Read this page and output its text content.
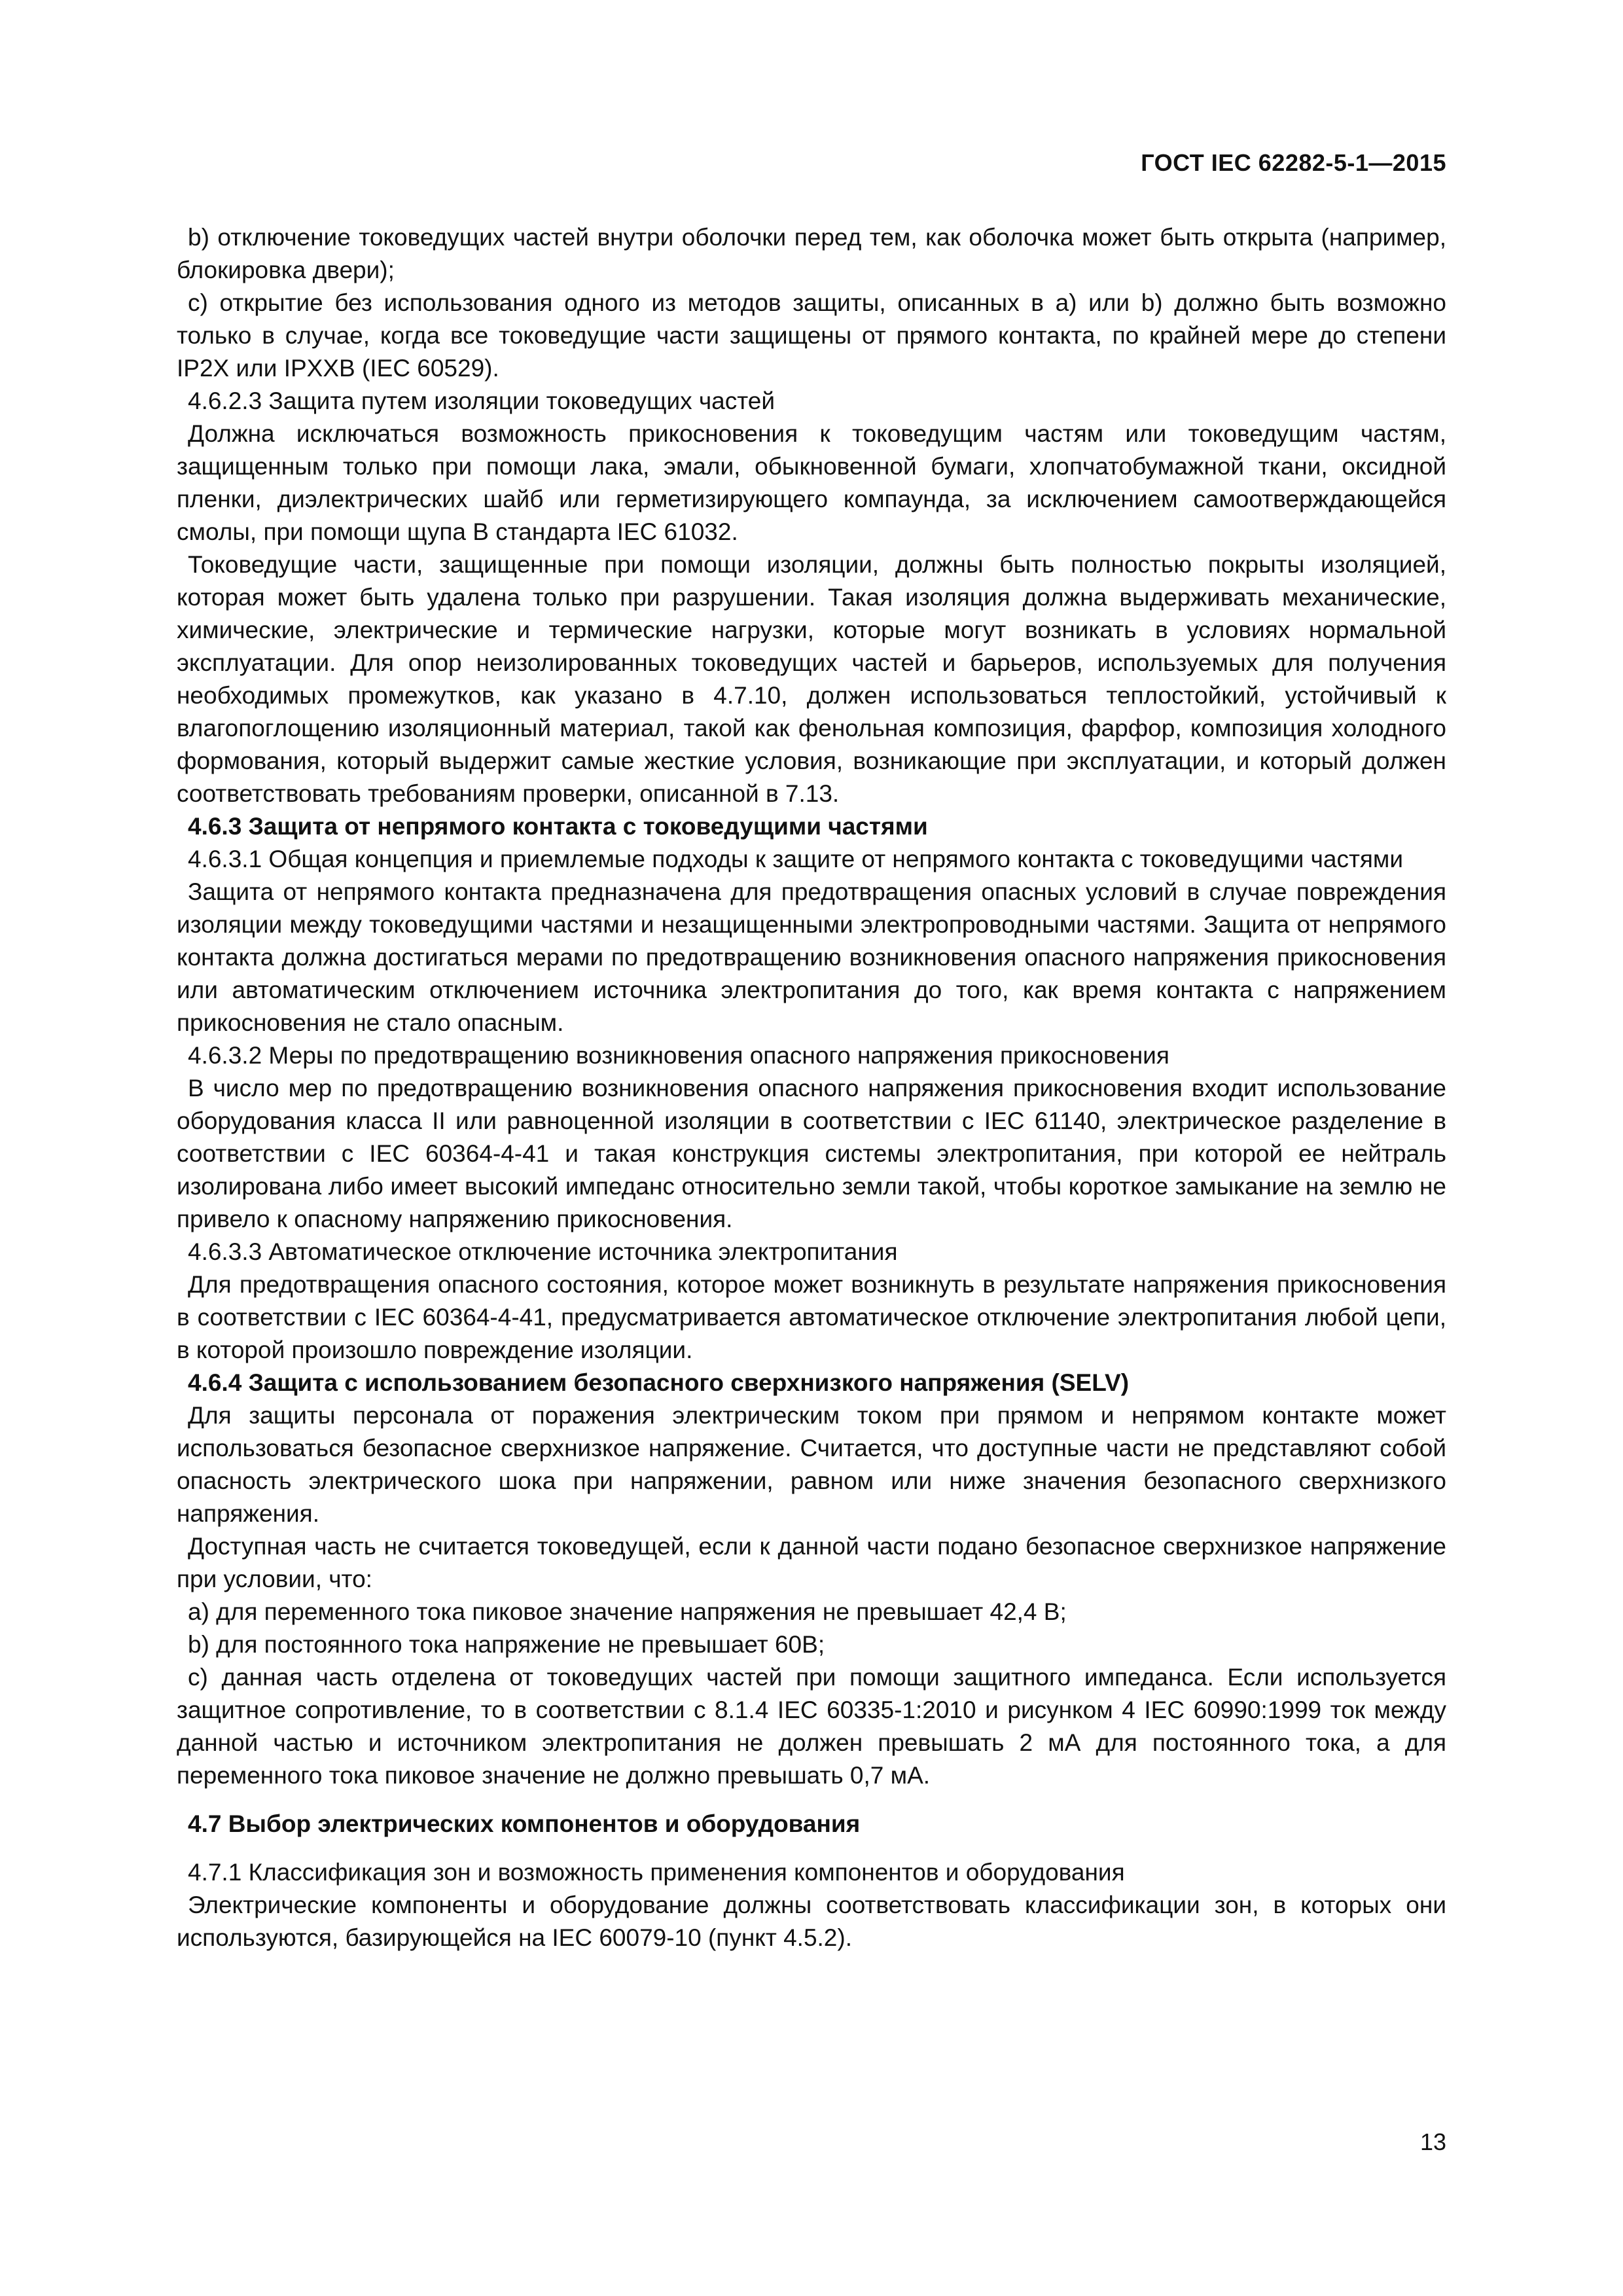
ГОСТ IEC 62282-5-1—2015

b) отключение токоведущих частей внутри оболочки перед тем, как оболочка может быть открыта (например, блокировка двери);

c) открытие без использования одного из методов защиты, описанных в a) или b) должно быть возможно только в случае, когда все токоведущие части защищены от прямого контакта, по крайней мере до степени IP2X или IPXXB (IEC 60529).

4.6.2.3 Защита путем изоляции токоведущих частей

Должна исключаться возможность прикосновения к токоведущим частям или токоведущим частям, защищенным только при помощи лака, эмали, обыкновенной бумаги, хлопчатобумажной ткани, оксидной пленки, диэлектрических шайб или герметизирующего компаунда, за исключением самоотверждающейся смолы, при помощи щупа В стандарта IEC 61032.

Токоведущие части, защищенные при помощи изоляции, должны быть полностью покрыты изоляцией, которая может быть удалена только при разрушении. Такая изоляция должна выдерживать механические, химические, электрические и термические нагрузки, которые могут возникать в условиях нормальной эксплуатации. Для опор неизолированных токоведущих частей и барьеров, используемых для получения необходимых промежутков, как указано в 4.7.10, должен использоваться теплостойкий, устойчивый к влагопоглощению изоляционный материал, такой как фенольная композиция, фарфор, композиция холодного формования, который выдержит самые жесткие условия, возникающие при эксплуатации, и который должен соответствовать требованиям проверки, описанной в 7.13.

4.6.3 Защита от непрямого контакта с токоведущими частями

4.6.3.1 Общая концепция и приемлемые подходы к защите от непрямого контакта с токоведущими частями

Защита от непрямого контакта предназначена для предотвращения опасных условий в случае повреждения изоляции между токоведущими частями и незащищенными электропроводными частями. Защита от непрямого контакта должна достигаться мерами по предотвращению возникновения опасного напряжения прикосновения или автоматическим отключением источника электропитания до того, как время контакта с напряжением прикосновения не стало опасным.

4.6.3.2 Меры по предотвращению возникновения опасного напряжения прикосновения

В число мер по предотвращению возникновения опасного напряжения прикосновения входит использование оборудования класса II или равноценной изоляции в соответствии с IEC 61140, электрическое разделение в соответствии с IEC 60364-4-41 и такая конструкция системы электропитания, при которой ее нейтраль изолирована либо имеет высокий импеданс относительно земли такой, чтобы короткое замыкание на землю не привело к опасному напряжению прикосновения.

4.6.3.3 Автоматическое отключение источника электропитания

Для предотвращения опасного состояния, которое может возникнуть в результате напряжения прикосновения в соответствии с IEC 60364-4-41, предусматривается автоматическое отключение электропитания любой цепи, в которой произошло повреждение изоляции.

4.6.4 Защита с использованием безопасного сверхнизкого напряжения (SELV)

Для защиты персонала от поражения электрическим током при прямом и непрямом контакте может использоваться безопасное сверхнизкое напряжение. Считается, что доступные части не представляют собой опасность электрического шока при напряжении, равном или ниже значения безопасного сверхнизкого напряжения.

Доступная часть не считается токоведущей, если к данной части подано безопасное сверхнизкое напряжение при условии, что:

a) для переменного тока пиковое значение напряжения не превышает 42,4 В;

b) для постоянного тока напряжение не превышает 60В;

c) данная часть отделена от токоведущих частей при помощи защитного импеданса. Если используется защитное сопротивление, то в соответствии с 8.1.4 IEC 60335-1:2010 и рисунком 4 IEC 60990:1999 ток между данной частью и источником электропитания не должен превышать 2 мА для постоянного тока, а для переменного тока пиковое значение не должно превышать 0,7 мА.

4.7 Выбор электрических компонентов и оборудования

4.7.1 Классификация зон и возможность применения компонентов и оборудования

Электрические компоненты и оборудование должны соответствовать классификации зон, в которых они используются, базирующейся на IEC 60079-10 (пункт 4.5.2).

13
